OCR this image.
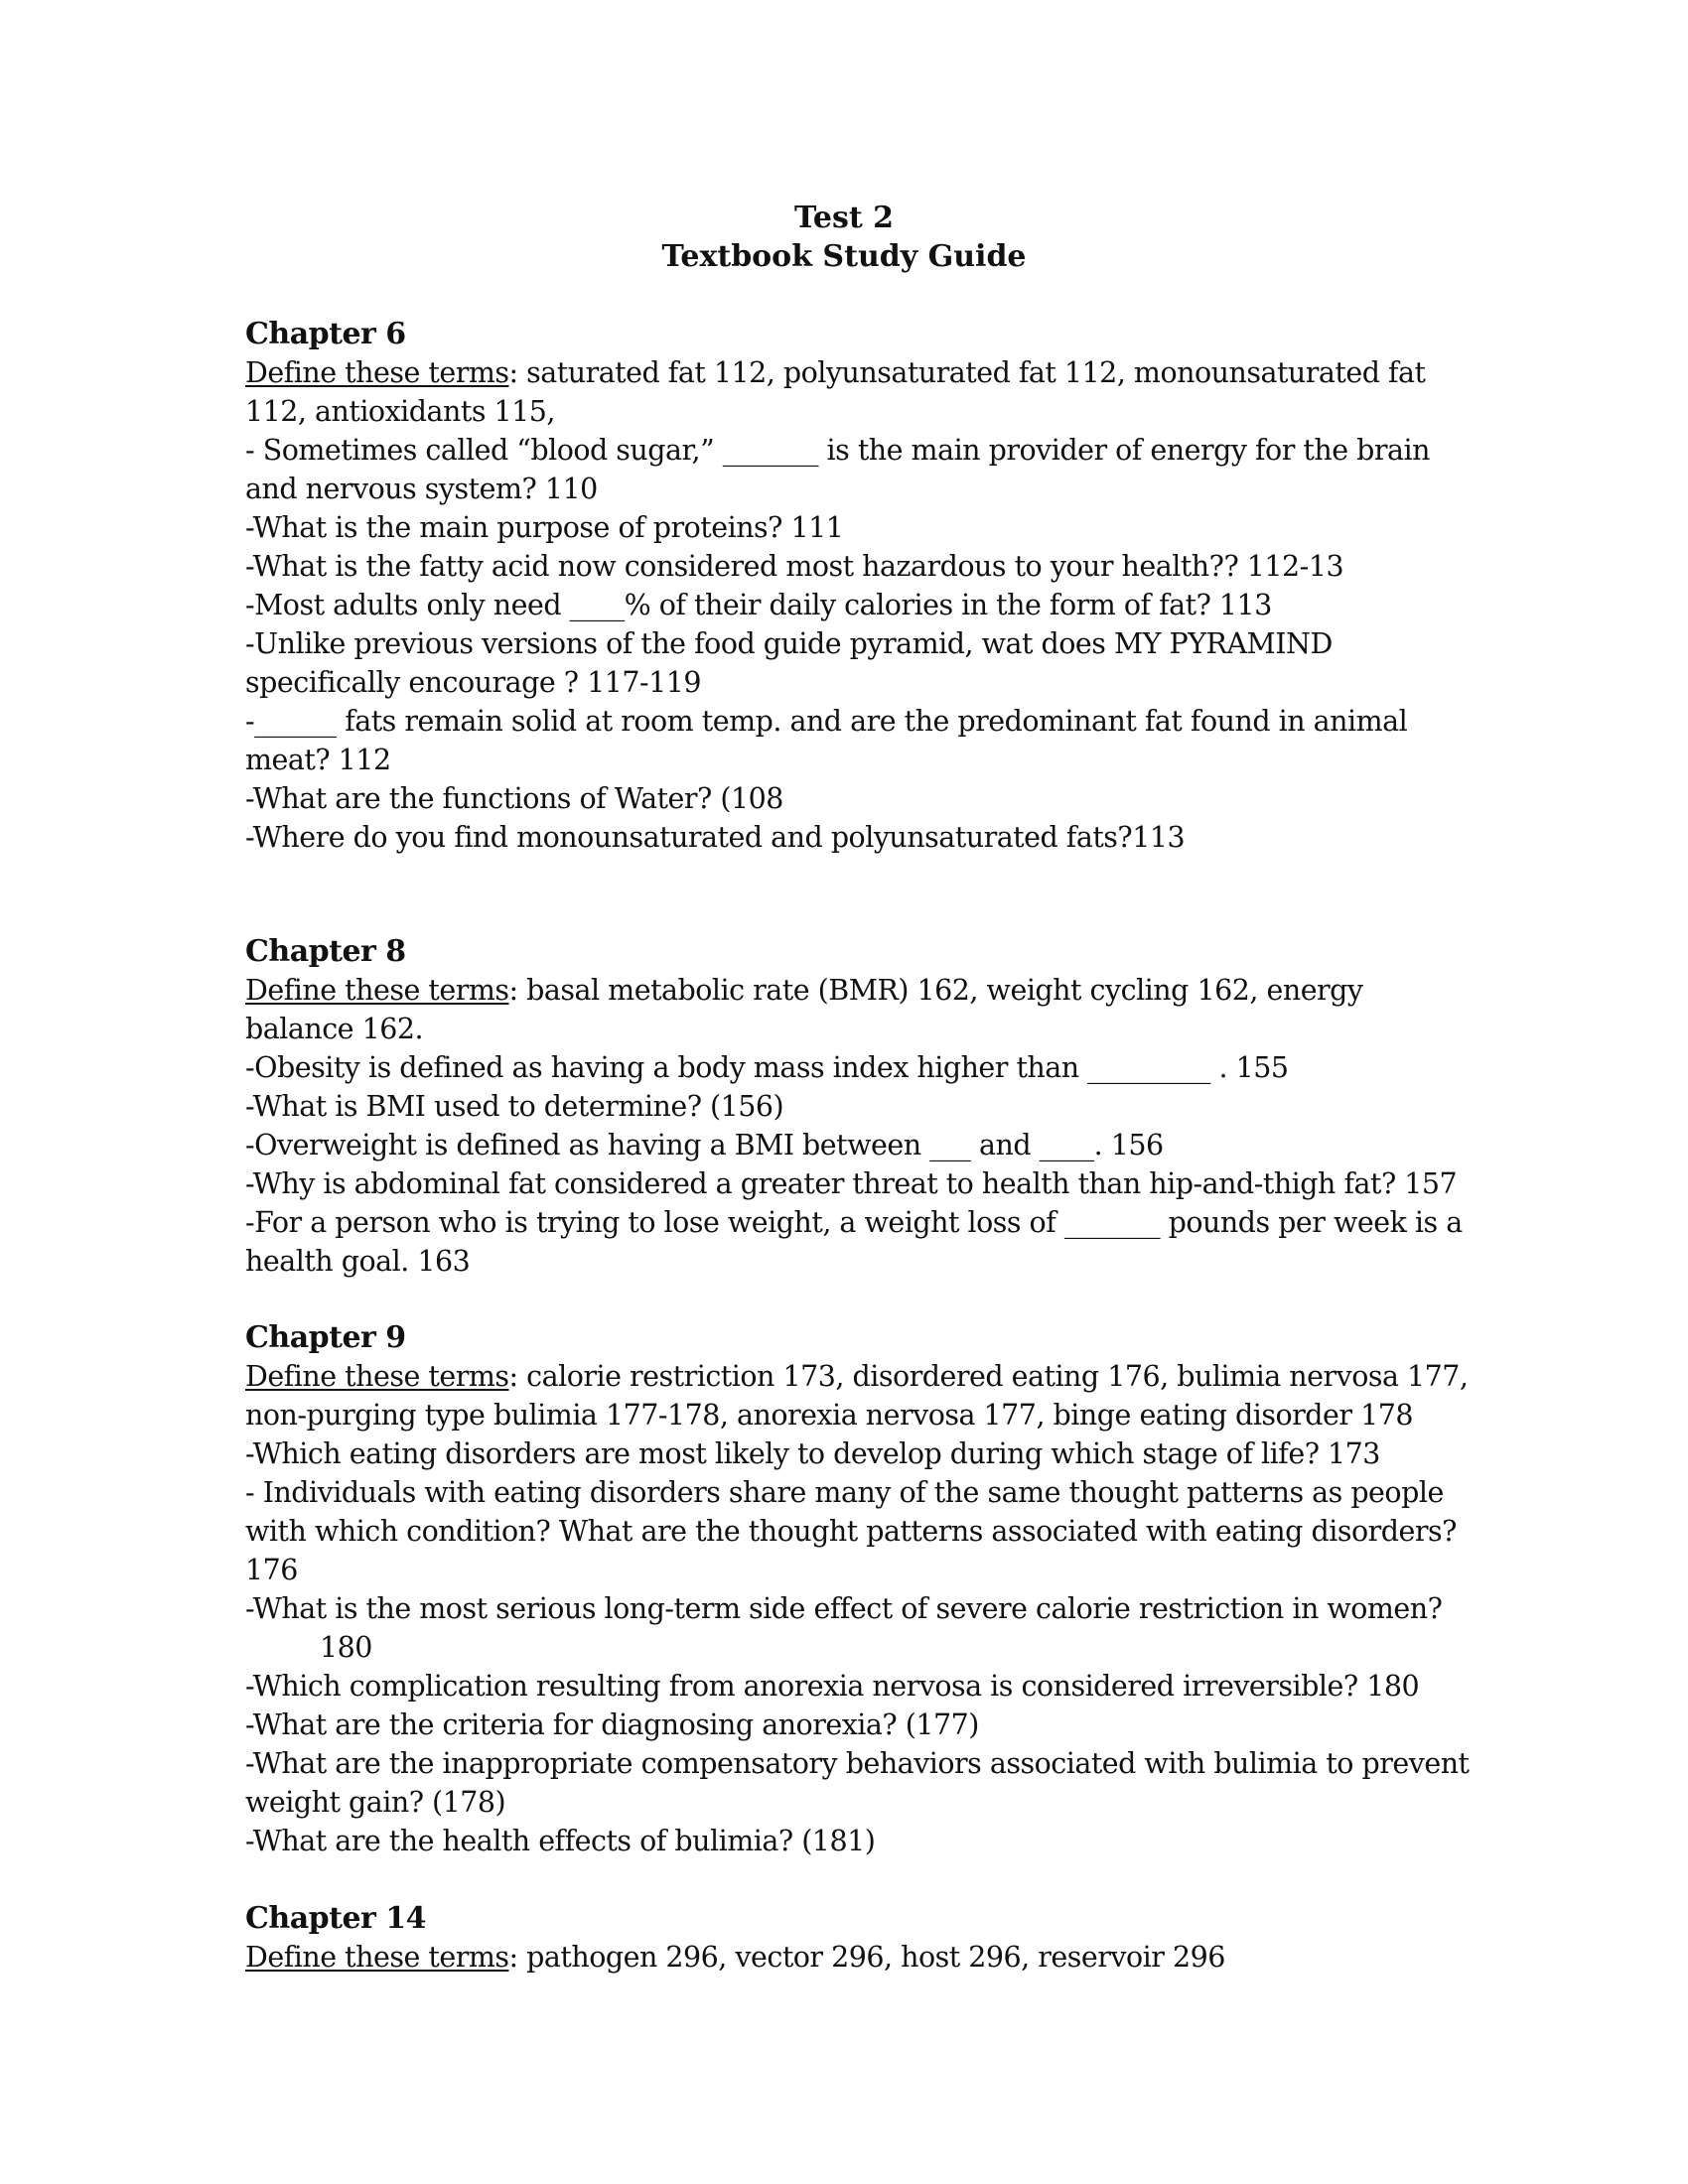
Test 2
Textbook Study Guide

Chapter 6

Define these terms: saturated fat 112, polyunsaturated fat 112, monounsaturated fat 112, antioxidants 115,

- Sometimes called “blood sugar,” _______ is the main provider of energy for the brain and nervous system? 110

-What is the main purpose of proteins? 111

-What is the fatty acid now considered most hazardous to your health?? 112-13

-Most adults only need ____% of their daily calories in the form of fat? 113

-Unlike previous versions of the food guide pyramid, wat does MY PYRAMIND specifically encourage ? 117-119

-______ fats remain solid at room temp. and are the predominant fat found in animal meat? 112

-What are the functions of Water? (108

-Where do you find monounsaturated and polyunsaturated fats?113

Chapter 8

Define these terms: basal metabolic rate (BMR) 162, weight cycling 162, energy balance 162.

-Obesity is defined as having a body mass index higher than _________ . 155

-What is BMI used to determine? (156)

-Overweight is defined as having a BMI between ___ and ____. 156

-Why is abdominal fat considered a greater threat to health than hip-and-thigh fat? 157

-For a person who is trying to lose weight, a weight loss of _______ pounds per week is a health goal. 163

Chapter 9

Define these terms: calorie restriction 173, disordered eating 176, bulimia nervosa 177, non-purging type bulimia 177-178, anorexia nervosa 177, binge eating disorder 178

-Which eating disorders are most likely to develop during which stage of life? 173

- Individuals with eating disorders share many of the same thought patterns as people with which condition? What are the thought patterns associated with eating disorders? 176

-What is the most serious long-term side effect of severe calorie restriction in women?

180

-Which complication resulting from anorexia nervosa is considered irreversible? 180

-What are the criteria for diagnosing anorexia? (177)

-What are the inappropriate compensatory behaviors associated with bulimia to prevent weight gain? (178)

-What are the health effects of bulimia? (181)

Chapter 14

Define these terms: pathogen 296, vector 296, host 296, reservoir 296
